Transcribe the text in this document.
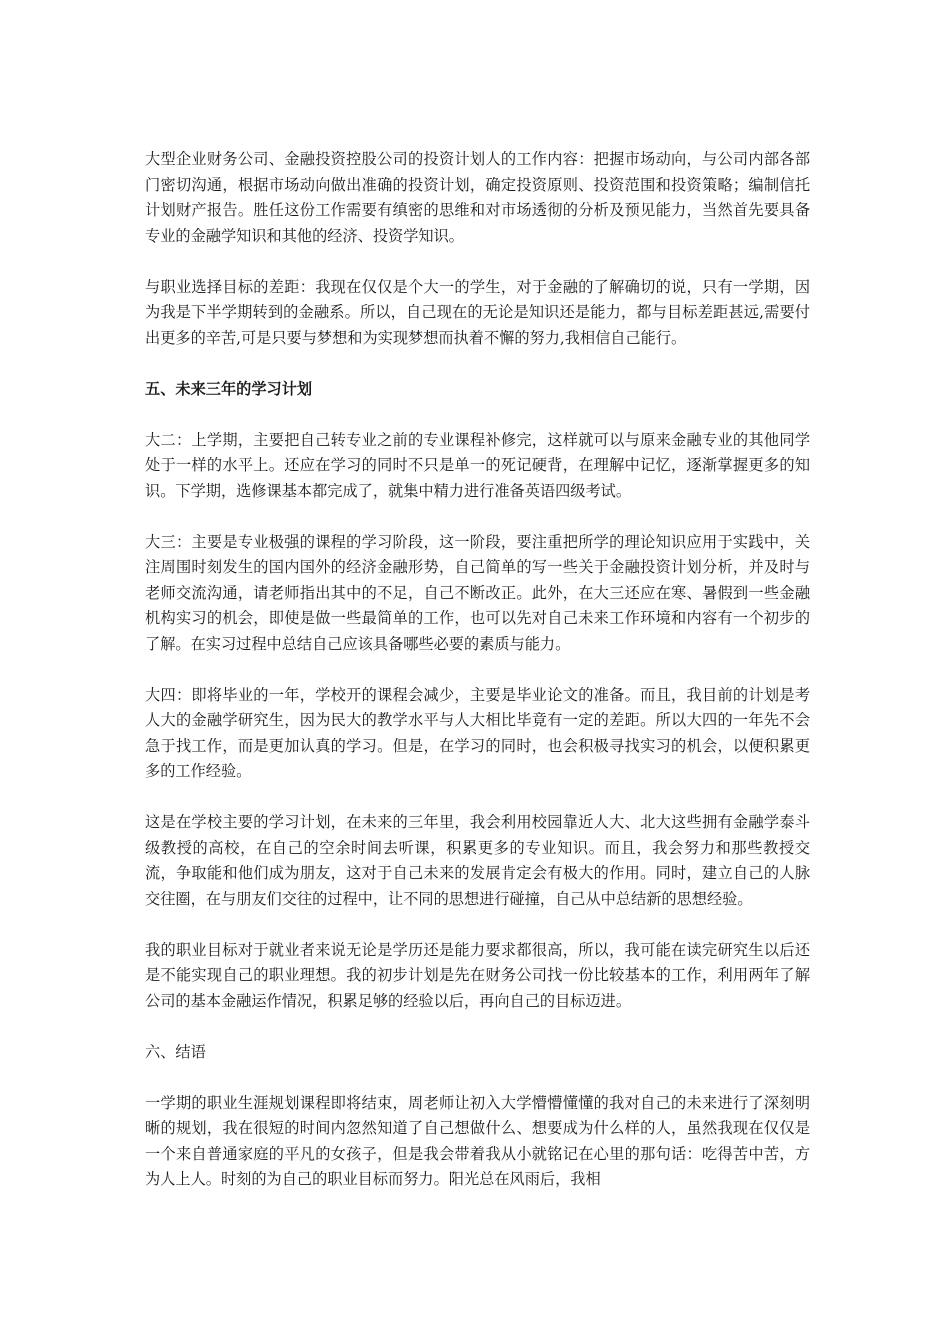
大型企业财务公司、金融投资控股公司的投资计划人的工作内容：把握市场动向，与公司内部各部门密切沟通，根据市场动向做出准确的投资计划，确定投资原则、投资范围和投资策略；编制信托计划财产报告。胜任这份工作需要有缜密的思维和对市场透彻的分析及预见能力，当然首先要具备专业的金融学知识和其他的经济、投资学知识。

与职业选择目标的差距：我现在仅仅是个大一的学生，对于金融的了解确切的说，只有一学期，因为我是下半学期转到的金融系。所以，自己现在的无论是知识还是能力，都与目标差距甚远,需要付出更多的辛苦,可是只要与梦想和为实现梦想而执着不懈的努力,我相信自己能行。

五、未来三年的学习计划

大二：上学期，主要把自己转专业之前的专业课程补修完，这样就可以与原来金融专业的其他同学处于一样的水平上。还应在学习的同时不只是单一的死记硬背，在理解中记忆，逐渐掌握更多的知识。下学期，选修课基本都完成了，就集中精力进行准备英语四级考试。

大三：主要是专业极强的课程的学习阶段，这一阶段，要注重把所学的理论知识应用于实践中，关注周围时刻发生的国内国外的经济金融形势，自己简单的写一些关于金融投资计划分析，并及时与老师交流沟通，请老师指出其中的不足，自己不断改正。此外，在大三还应在寒、暑假到一些金融机构实习的机会，即使是做一些最简单的工作，也可以先对自己未来工作环境和内容有一个初步的了解。在实习过程中总结自己应该具备哪些必要的素质与能力。

大四：即将毕业的一年，学校开的课程会减少，主要是毕业论文的准备。而且，我目前的计划是考人大的金融学研究生，因为民大的教学水平与人大相比毕竟有一定的差距。所以大四的一年先不会急于找工作，而是更加认真的学习。但是，在学习的同时，也会积极寻找实习的机会，以便积累更多的工作经验。

这是在学校主要的学习计划，在未来的三年里，我会利用校园靠近人大、北大这些拥有金融学泰斗级教授的高校，在自己的空余时间去听课，积累更多的专业知识。而且，我会努力和那些教授交流，争取能和他们成为朋友，这对于自己未来的发展肯定会有极大的作用。同时，建立自己的人脉交往圈，在与朋友们交往的过程中，让不同的思想进行碰撞，自己从中总结新的思想经验。

我的职业目标对于就业者来说无论是学历还是能力要求都很高，所以，我可能在读完研究生以后还是不能实现自己的职业理想。我的初步计划是先在财务公司找一份比较基本的工作，利用两年了解公司的基本金融运作情况，积累足够的经验以后，再向自己的目标迈进。

六、结语

一学期的职业生涯规划课程即将结束，周老师让初入大学懵懵懂懂的我对自己的未来进行了深刻明晰的规划，我在很短的时间内忽然知道了自己想做什么、想要成为什么样的人，虽然我现在仅仅是一个来自普通家庭的平凡的女孩子，但是我会带着我从小就铭记在心里的那句话：吃得苦中苦，方为人上人。时刻的为自己的职业目标而努力。阳光总在风雨后，我相
